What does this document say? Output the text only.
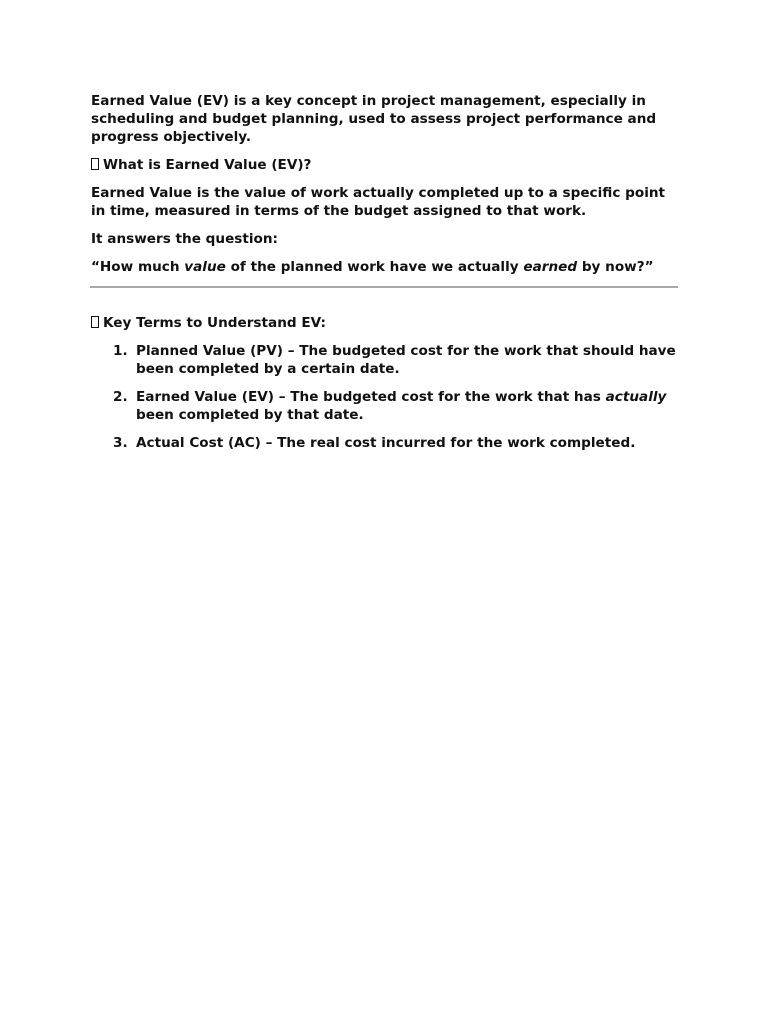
Earned Value (EV) is a key concept in project management, especially in scheduling and budget planning, used to assess project performance and progress objectively.

What is Earned Value (EV)?

Earned Value is the value of work actually completed up to a specific point in time, measured in terms of the budget assigned to that work.

It answers the question:

“How much value of the planned work have we actually earned by now?”

Key Terms to Understand EV:

1. Planned Value (PV) – The budgeted cost for the work that should have been completed by a certain date.
2. Earned Value (EV) – The budgeted cost for the work that has actually been completed by that date.
3. Actual Cost (AC) – The real cost incurred for the work completed.
